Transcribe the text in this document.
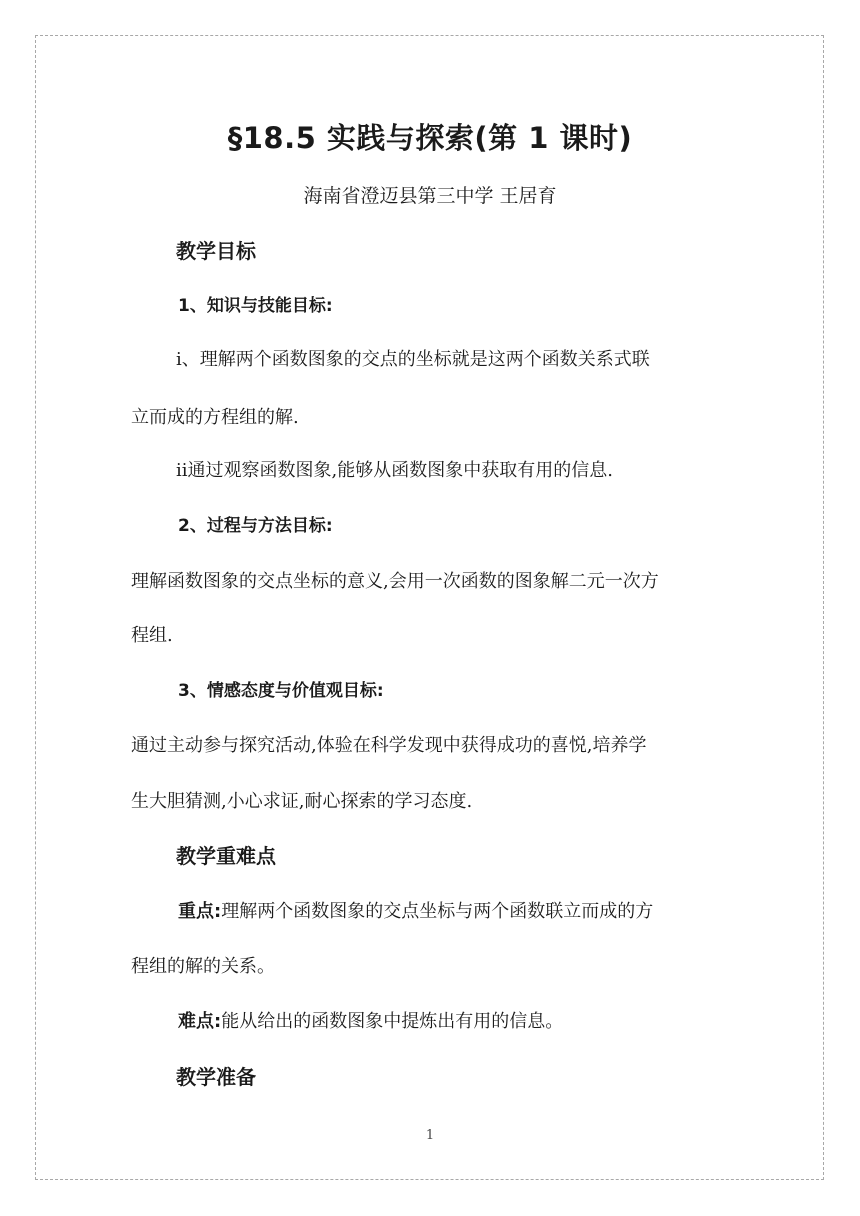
§18.5 实践与探索(第 1 课时)
海南省澄迈县第三中学 王居育
教学目标
1、知识与技能目标:
ⅰ、理解两个函数图象的交点的坐标就是这两个函数关系式联
立而成的方程组的解.
ⅱ通过观察函数图象,能够从函数图象中获取有用的信息.
2、过程与方法目标:
理解函数图象的交点坐标的意义,会用一次函数的图象解二元一次方
程组.
3、情感态度与价值观目标:
通过主动参与探究活动,体验在科学发现中获得成功的喜悦,培养学
生大胆猜测,小心求证,耐心探索的学习态度.
教学重难点
重点:理解两个函数图象的交点坐标与两个函数联立而成的方
程组的解的关系。
难点:能从给出的函数图象中提炼出有用的信息。
教学准备
1
